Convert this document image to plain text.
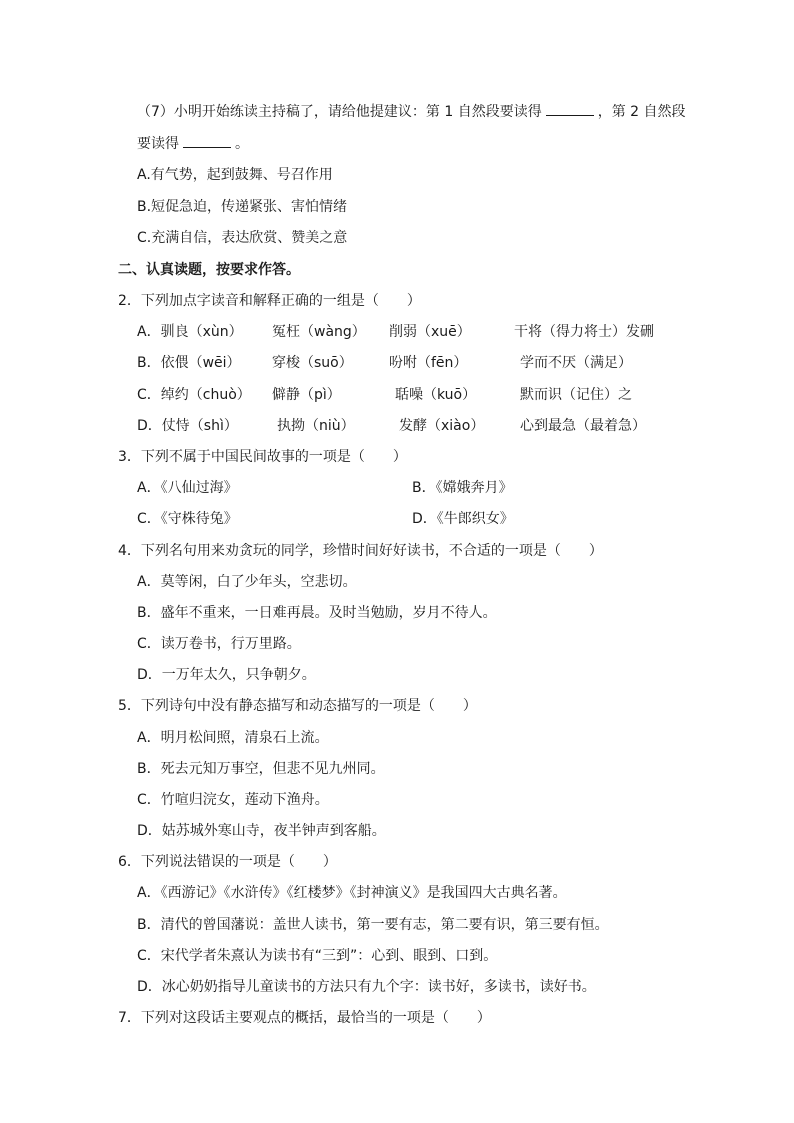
（7）小明开始练读主持稿了，请给他提建议：第 1 自然段要读得	，第 2 自然段
要读得	。
A.有气势，起到鼓舞、号召作用
B.短促急迫，传递紧张、害怕情绪
C.充满自信，表达欣赏、赞美之意
二、认真读题，按要求作答。
2．下列加点字读音和解释正确的一组是（　　）
A．驯良（xùn） 冤枉（wàng） 削弱（xuē）	干将（得力将士）发硎
B．依偎（wēi） 穿梭（suō）	吩咐（fēn）	学而不厌（满足）
C．绰约（chuò） 僻静（pì）	聒噪（kuō）	默而识（记住）之
D．仗恃（shì）	执拗（niù）	发酵（xiào）	心到最急（最着急）
3．下列不属于中国民间故事的一项是（　　）
A．《八仙过海》	B．《嫦娥奔月》
C．《守株待兔》	D．《牛郎织女》
4．下列名句用来劝贪玩的同学，珍惜时间好好读书，不合适的一项是（　　）
A．莫等闲，白了少年头，空悲切。
B．盛年不重来，一日难再晨。及时当勉励，岁月不待人。
C．读万卷书，行万里路。
D．一万年太久，只争朝夕。
5．下列诗句中没有静态描写和动态描写的一项是（　　）
A．明月松间照，清泉石上流。
B．死去元知万事空，但悲不见九州同。
C．竹喧归浣女，莲动下渔舟。
D．姑苏城外寒山寺，夜半钟声到客船。
6．下列说法错误的一项是（　　）
A．《西游记》《水浒传》《红楼梦》《封神演义》是我国四大古典名著。
B．清代的曾国藩说：盖世人读书，第一要有志，第二要有识，第三要有恒。
C．宋代学者朱熹认为读书有“三到”：心到、眼到、口到。
D．冰心奶奶指导儿童读书的方法只有九个字：读书好，多读书，读好书。
7．下列对这段话主要观点的概括，最恰当的一项是（　　）
